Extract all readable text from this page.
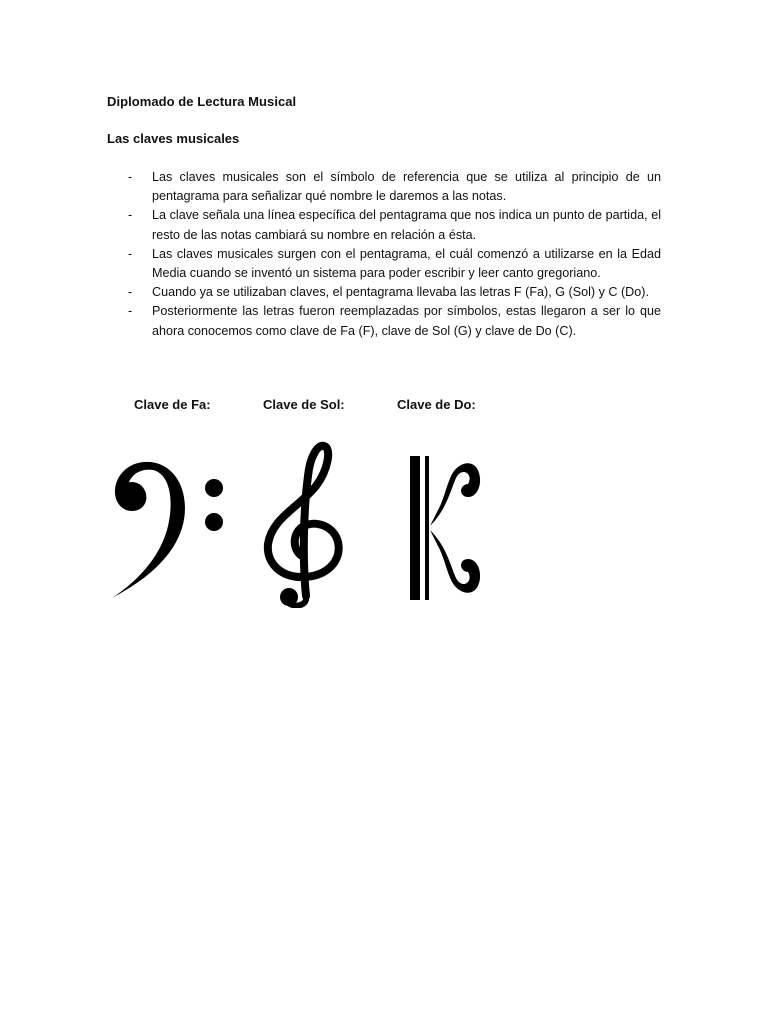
Diplomado de Lectura Musical
Las claves musicales
- Las claves musicales son el símbolo de referencia que se utiliza al principio de un pentagrama para señalizar qué nombre le daremos a las notas.
- La clave señala una línea específica del pentagrama que nos indica un punto de partida, el resto de las notas cambiará su nombre en relación a ésta.
- Las claves musicales surgen con el pentagrama, el cuál comenzó a utilizarse en la Edad Media cuando se inventó un sistema para poder escribir y leer canto gregoriano.
- Cuando ya se utilizaban claves, el pentagrama llevaba las letras F (Fa), G (Sol) y C (Do).
- Posteriormente las letras fueron reemplazadas por símbolos, estas llegaron a ser lo que ahora conocemos como clave de Fa (F), clave de Sol (G) y clave de Do (C).
Clave de Fa:	Clave de Sol:	Clave de Do:
